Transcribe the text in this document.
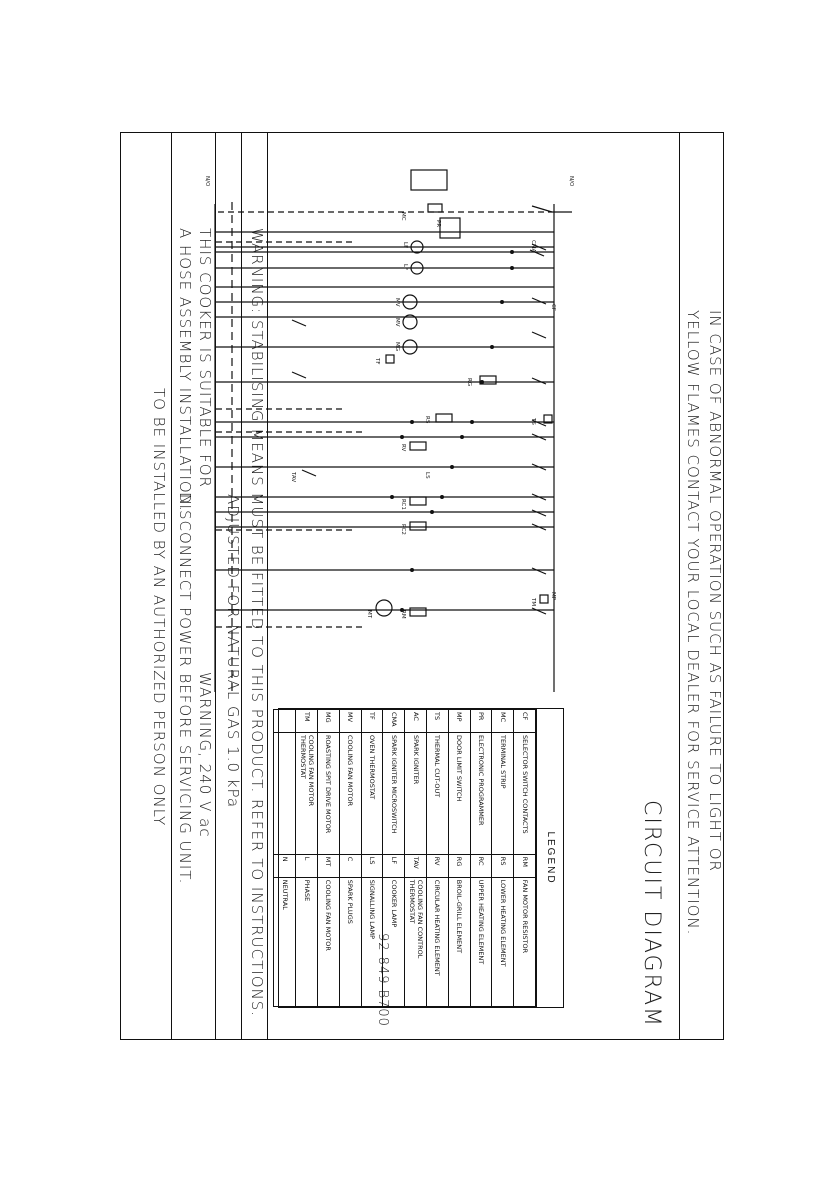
IN CASE OF ABNORMAL OPERATION SUCH AS FAILURE TO LIGHT OR
YELLOW FLAMES CONTACT YOUR LOCAL DEALER FOR SERVICE ATTENTION.
CIRCUIT DIAGRAM
92 849 B700
N/O
N/O
MC
CMA
PR
LF
LF
MV
MV
MG
TF
TS
RG
RS
LS
RV
RC1
RC2
RM
TM
MT
TAV
CF
MP
LEGEND
CF	SELECTOR SWITCH CONTACTS	RM	FAN MOTOR RESISTOR
MC	TERMINAL STRIP	RS	LOWER HEATING ELEMENT
PR	ELECTRONIC PROGRAMMER	RC	UPPER HEATING ELEMENT
MP	DOOR LIMIT SWITCH	RG	BROIL-GRILL ELEMENT
TS	THERMAL CUT-OUT	RV	CIRCULAR HEATING ELEMENT
AC	SPARK IGNITER	TAV	COOLING FAN CONTROL THERMOSTAT
CMA	SPARK IGNITER MICROSWITCH	LF	COOKER LAMP
TF	OVEN THERMOSTAT	LS	SIGNALLING LAMP
MV	COOLING FAN MOTOR	C	SPARK PLUGS
MG	ROASTING SPIT DRIVE MOTOR	MT	COOLING FAN MOTOR
TM	COOLING FAN MOTOR THERMOSTAT	L	PHASE
		N	NEUTRAL
WARNING: STABILISING MEANS MUST BE FITTED TO THIS PRODUCT. REFER TO INSTRUCTIONS.
ADJUSTED FOR NATURAL GAS 1.0 kPa
THIS COOKER IS SUITABLE FOR
A HOSE ASSEMBLY INSTALLATION.
WARNING, 240 V ac
DISCONNECT POWER BEFORE SERVICING UNIT.
TO BE INSTALLED BY AN AUTHORIZED PERSON ONLY
